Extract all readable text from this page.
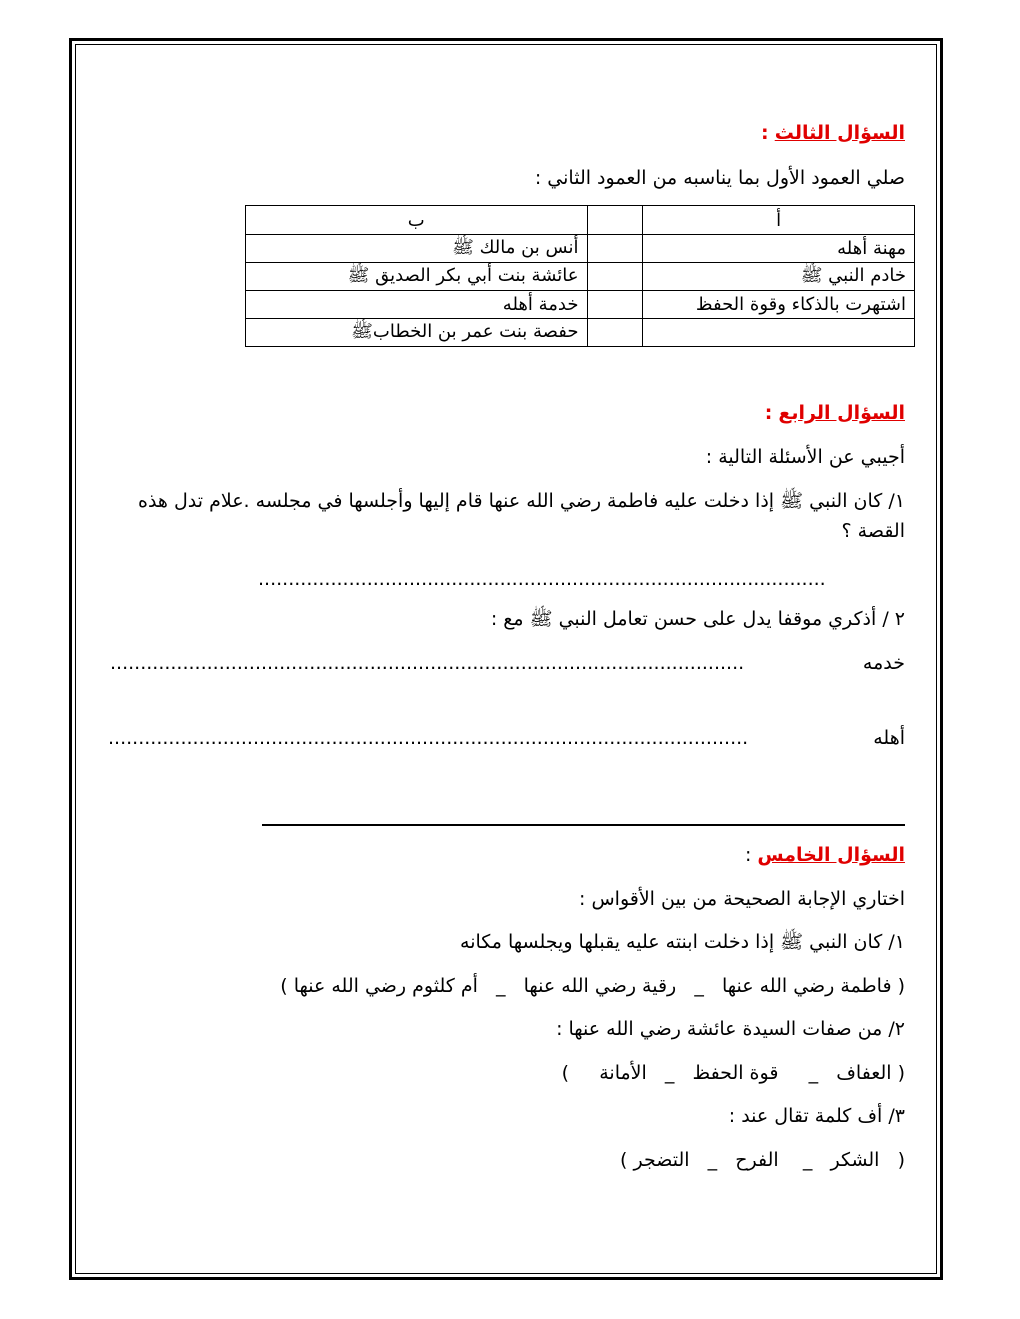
السؤال الثالث :
صلي العمود الأول بما يناسبه من العمود الثاني :
أ		ب
مهنة أهله		أنس بن مالك ﷺ
خادم النبي ﷺ		عائشة بنت أبي بكر الصديق ﷺ
اشتهرت بالذكاء وقوة الحفظ		خدمة أهله
		حفصة بنت عمر بن الخطابﷺ
السؤال الرابع :
أجيبي عن الأسئلة التالية :
١/ كان النبي ﷺ إذا دخلت عليه فاطمة رضي الله عنها قام إليها وأجلسها في مجلسه .علام تدل هذه القصة ؟
..............................................................................................
٢ / أذكري موقفا يدل على حسن تعامل النبي ﷺ مع :
خدمه
.........................................................................................................
أهله
..........................................................................................................
السؤال الخامس :
اختاري الإجابة الصحيحة من بين الأقواس :
١/ كان النبي ﷺ إذا دخلت ابنته عليه يقبلها ويجلسها مكانه
( فاطمة رضي الله عنها   _   رقية رضي الله عنها   _   أم كلثوم رضي الله عنها )
٢/ من صفات السيدة عائشة رضي الله عنها :
( العفاف   _     قوة الحفظ   _   الأمانة     )
٣/ أف كلمة تقال عند :
(   الشكر   _    الفرح   _   التضجر )
